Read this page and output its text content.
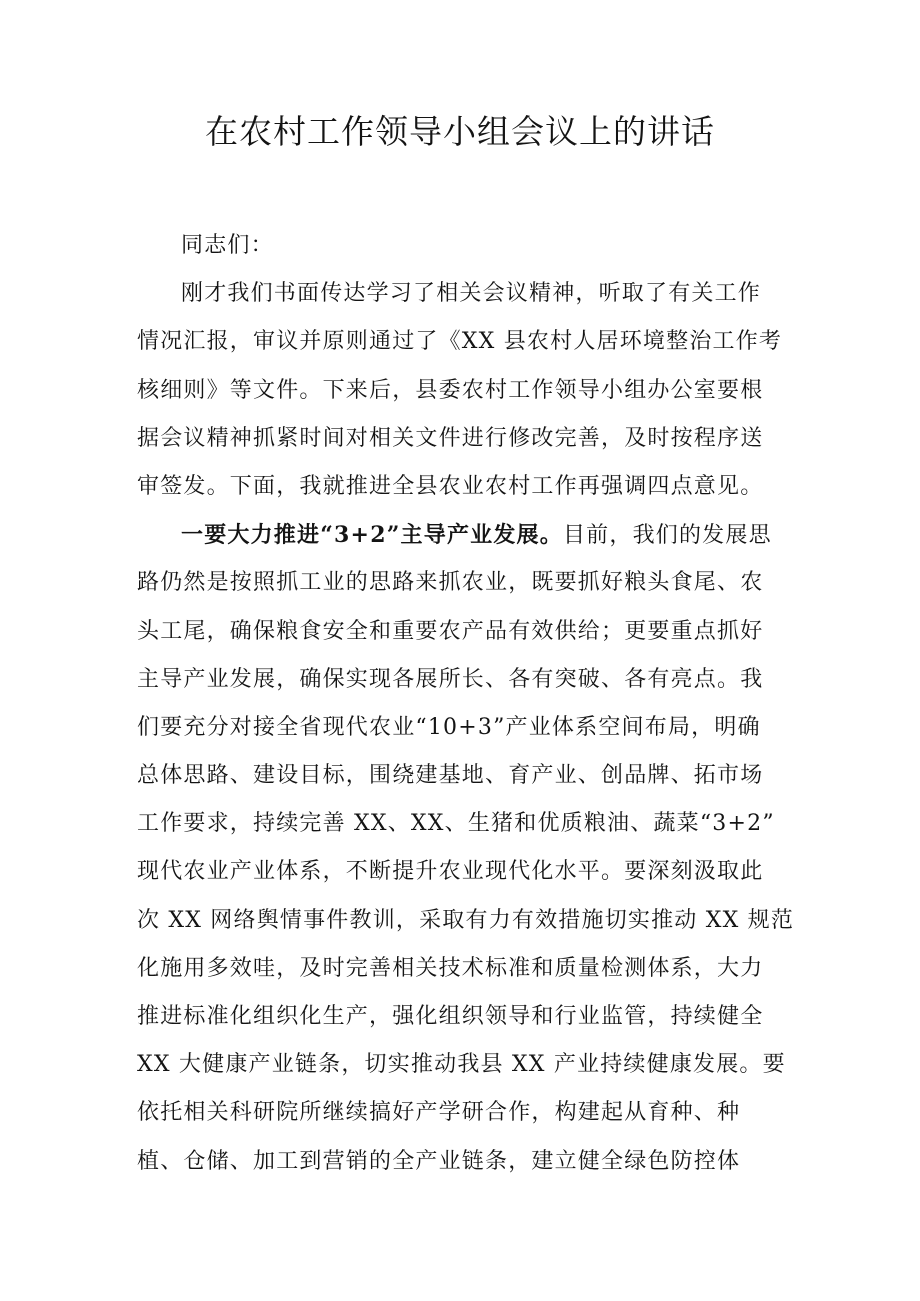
在农村工作领导小组会议上的讲话
同志们：
刚才我们书面传达学习了相关会议精神，听取了有关工作
情况汇报，审议并原则通过了《XX 县农村人居环境整治工作考
核细则》等文件。下来后，县委农村工作领导小组办公室要根
据会议精神抓紧时间对相关文件进行修改完善，及时按程序送
审签发。下面，我就推进全县农业农村工作再强调四点意见。
一要大力推进“3+2”主导产业发展。目前，我们的发展思
路仍然是按照抓工业的思路来抓农业，既要抓好粮头食尾、农
头工尾，确保粮食安全和重要农产品有效供给；更要重点抓好
主导产业发展，确保实现各展所长、各有突破、各有亮点。我
们要充分对接全省现代农业“10+3”产业体系空间布局，明确
总体思路、建设目标，围绕建基地、育产业、创品牌、拓市场
工作要求，持续完善 XX、XX、生猪和优质粮油、蔬菜“3+2”
现代农业产业体系，不断提升农业现代化水平。要深刻汲取此
次 XX 网络舆情事件教训，采取有力有效措施切实推动 XX 规范
化施用多效哇，及时完善相关技术标准和质量检测体系，大力
推进标准化组织化生产，强化组织领导和行业监管，持续健全
XX 大健康产业链条，切实推动我县 XX 产业持续健康发展。要
依托相关科研院所继续搞好产学研合作，构建起从育种、种
植、仓储、加工到营销的全产业链条，建立健全绿色防控体
